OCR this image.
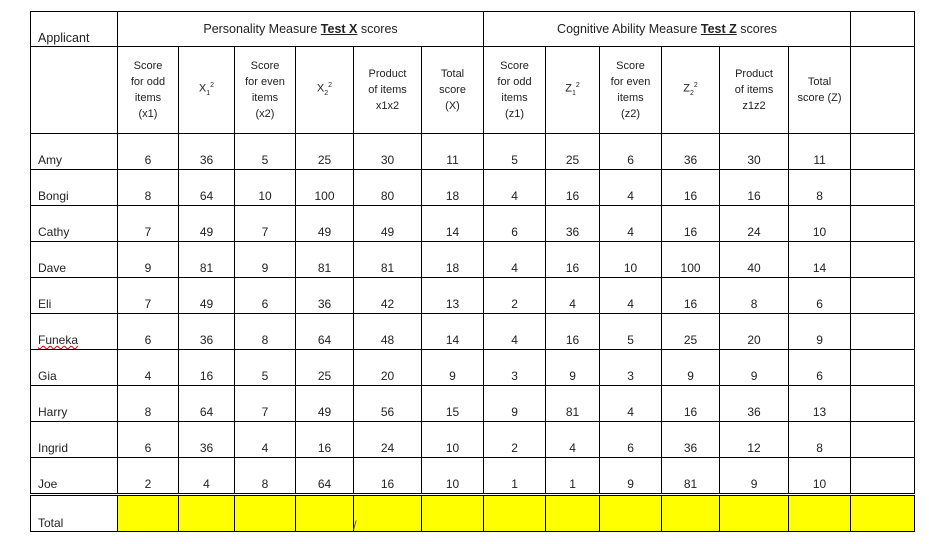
Applicant	Personality Measure Test X scores						Cognitive Ability Measure Test Z scores						
	Score
for odd
items
(x1)	$X_1^2$	Score
for even
items
(x2)	$X_2^2$	Product
of items
x1x2	Total
score
(X)	Score
for odd
items
(z1)	$Z_1^2$	Score
for even
items
(z2)	$Z_2^2$	Product
of items
z1z2	Total
score (Z)	
Amy	6	36	5	25	30	11	5	25	6	36	30	11	
Bongi	8	64	10	100	80	18	4	16	4	16	16	8	
Cathy	7	49	7	49	49	14	6	36	4	16	24	10	
Dave	9	81	9	81	81	18	4	16	10	100	40	14	
Eli	7	49	6	36	42	13	2	4	4	16	8	6	
Funeka	6	36	8	64	48	14	4	16	5	25	20	9	
Gia	4	16	5	25	20	9	3	9	3	9	9	6	
Harry	8	64	7	49	56	15	9	81	4	16	36	13	
Ingrid	6	36	4	16	24	10	2	4	6	36	12	8	
Joe	2	4	8	64	16	10	1	1	9	81	9	10	
Total														/
